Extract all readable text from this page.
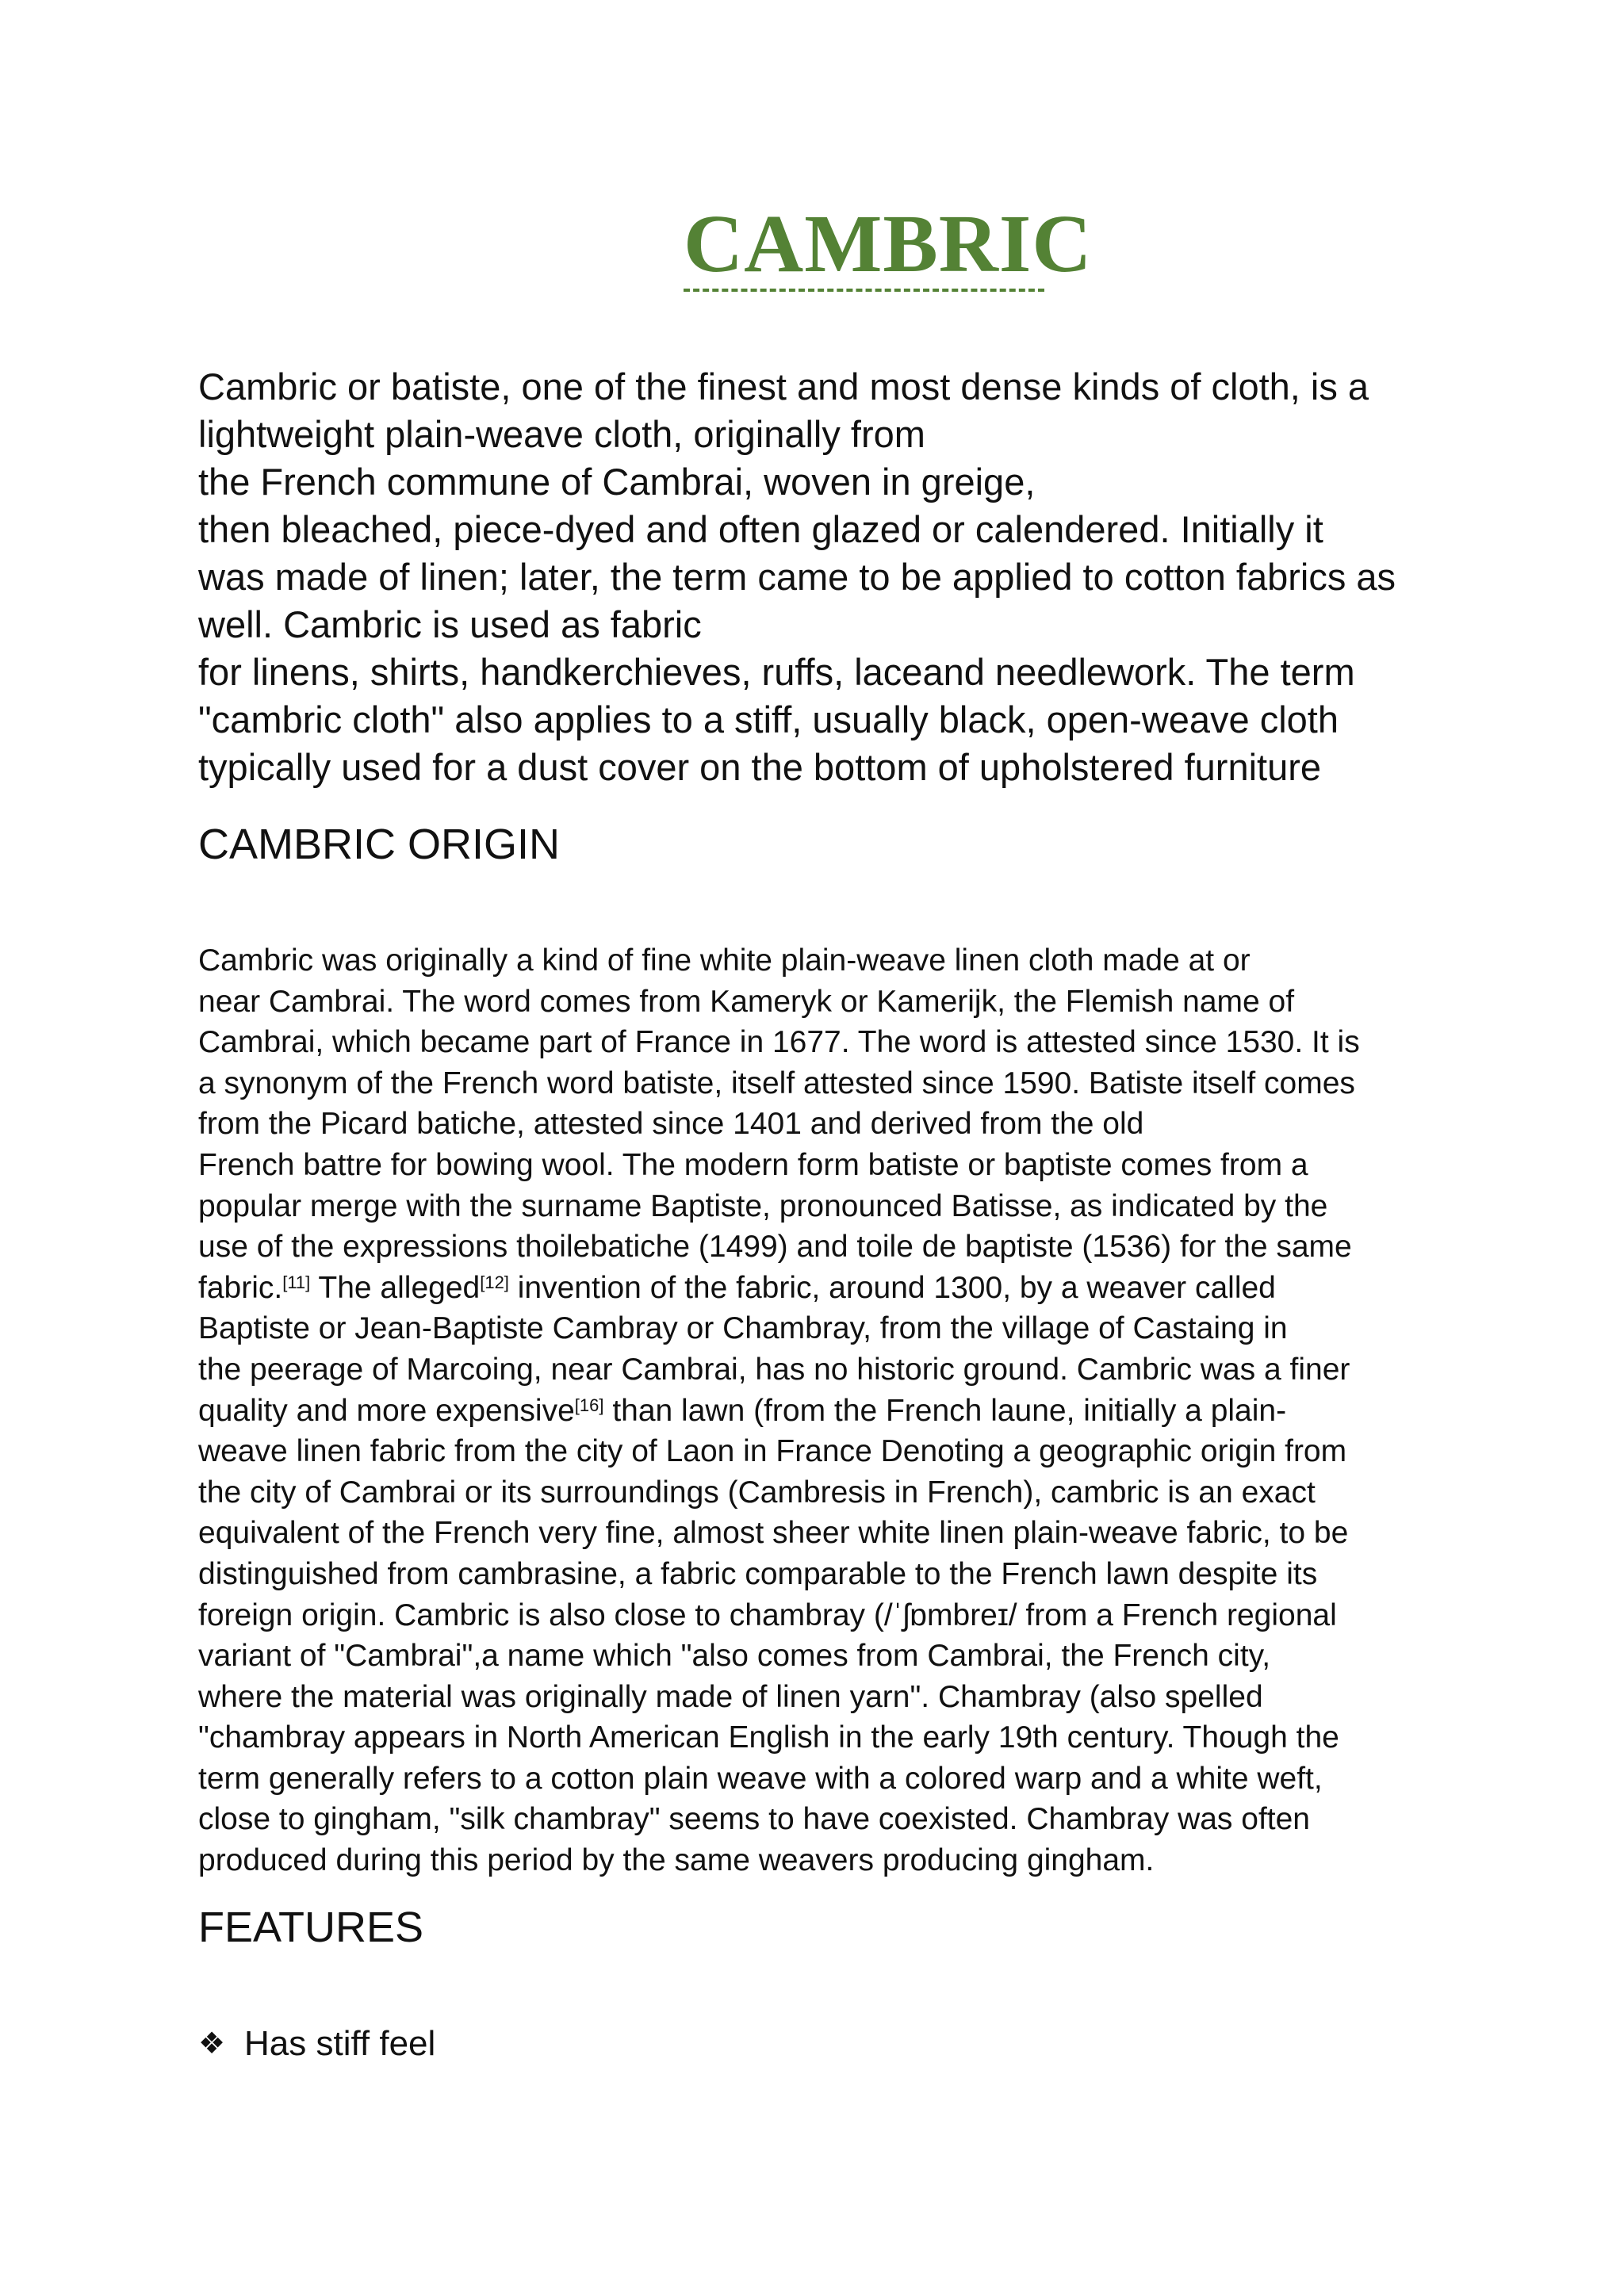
CAMBRIC

Cambric or batiste, one of the finest and most dense kinds of cloth, is a
lightweight plain-weave cloth, originally from
the French commune of Cambrai, woven in greige,
then bleached, piece-dyed and often glazed or calendered. Initially it
was made of linen; later, the term came to be applied to cotton fabrics as
well. Cambric is used as fabric
for linens, shirts, handkerchieves, ruffs, laceand needlework. The term
"cambric cloth" also applies to a stiff, usually black, open-weave cloth
typically used for a dust cover on the bottom of upholstered furniture

CAMBRIC ORIGIN

Cambric was originally a kind of fine white plain-weave linen cloth made at or
near Cambrai. The word comes from Kameryk or Kamerijk, the Flemish name of
Cambrai, which became part of France in 1677. The word is attested since 1530. It is
a synonym of the French word batiste, itself attested since 1590. Batiste itself comes
from the Picard batiche, attested since 1401 and derived from the old
French battre for bowing wool. The modern form batiste or baptiste comes from a
popular merge with the surname Baptiste, pronounced Batisse, as indicated by the
use of the expressions thoilebatiche (1499) and toile de baptiste (1536) for the same
fabric.[11] The alleged[12] invention of the fabric, around 1300, by a weaver called
Baptiste or Jean-Baptiste Cambray or Chambray, from the village of Castaing in
the peerage of Marcoing, near Cambrai, has no historic ground. Cambric was a finer
quality and more expensive[16] than lawn (from the French laune, initially a plain-
weave linen fabric from the city of Laon in France Denoting a geographic origin from
the city of Cambrai or its surroundings (Cambresis in French), cambric is an exact
equivalent of the French very fine, almost sheer white linen plain-weave fabric, to be
distinguished from cambrasine, a fabric comparable to the French lawn despite its
foreign origin. Cambric is also close to chambray (/ˈʃɒmbreɪ/ from a French regional
variant of "Cambrai",a name which "also comes from Cambrai, the French city,
where the material was originally made of linen yarn". Chambray (also spelled
"chambray appears in North American English in the early 19th century. Though the
term generally refers to a cotton plain weave with a colored warp and a white weft,
close to gingham, "silk chambray" seems to have coexisted. Chambray was often
produced during this period by the same weavers producing gingham.

FEATURES
❖ Has stiff feel
